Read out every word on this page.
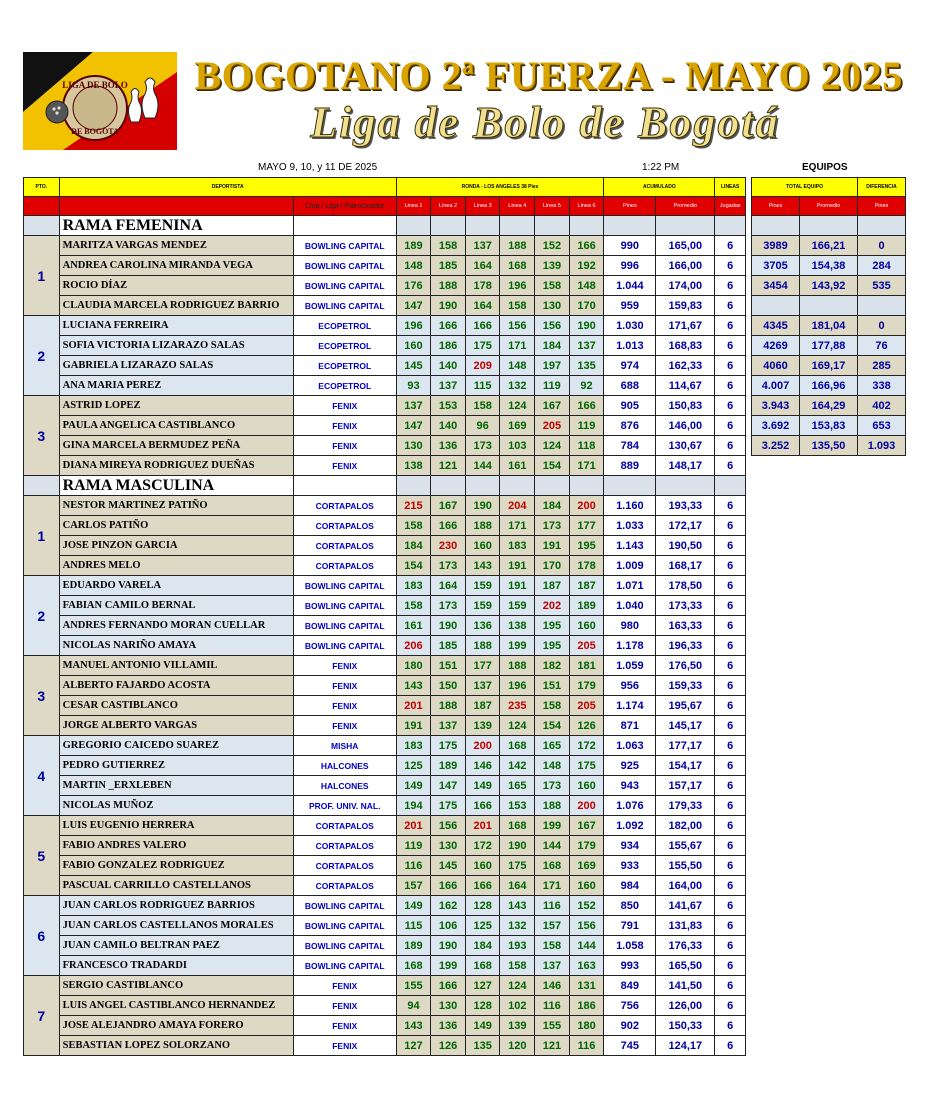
LIGA DE BOLO
DE BOGOTA
BOGOTANO 2ª FUERZA - MAYO 2025
Liga de Bolo de Bogotá
MAYO 9, 10, y 11 DE 2025	1:22 PM	EQUIPOS
PTO.	DEPORTISTA		RONDA - LOS ANGELES 38 Pies						ACUMULADO		LINEAS
		Club / Liga / Patrocinador	Linea 1	Linea 2	Linea 3	Linea 4	Linea 5	Linea 6	Pines	Promedio	Jugadas
	RAMA FEMENINA										
1	MARITZA VARGAS MENDEZ	BOWLING CAPITAL	189	158	137	188	152	166	990	165,00	6
	ANDREA CAROLINA MIRANDA VEGA	BOWLING CAPITAL	148	185	164	168	139	192	996	166,00	6
	ROCIO DÍAZ	BOWLING CAPITAL	176	188	178	196	158	148	1.044	174,00	6
	CLAUDIA MARCELA RODRIGUEZ BARRIO	BOWLING CAPITAL	147	190	164	158	130	170	959	159,83	6
2	LUCIANA FERREIRA	ECOPETROL	196	166	166	156	156	190	1.030	171,67	6
	SOFIA VICTORIA LIZARAZO SALAS	ECOPETROL	160	186	175	171	184	137	1.013	168,83	6
	GABRIELA LIZARAZO SALAS	ECOPETROL	145	140	209	148	197	135	974	162,33	6
	ANA MARIA PEREZ	ECOPETROL	93	137	115	132	119	92	688	114,67	6
3	ASTRID LOPEZ	FENIX	137	153	158	124	167	166	905	150,83	6
	PAULA ANGELICA CASTIBLANCO	FENIX	147	140	96	169	205	119	876	146,00	6
	GINA MARCELA BERMUDEZ PEÑA	FENIX	130	136	173	103	124	118	784	130,67	6
	DIANA MIREYA RODRIGUEZ DUEÑAS	FENIX	138	121	144	161	154	171	889	148,17	6
	RAMA MASCULINA										
1	NESTOR MARTINEZ PATIÑO	CORTAPALOS	215	167	190	204	184	200	1.160	193,33	6
	CARLOS PATIÑO	CORTAPALOS	158	166	188	171	173	177	1.033	172,17	6
	JOSE PINZON GARCIA	CORTAPALOS	184	230	160	183	191	195	1.143	190,50	6
	ANDRES MELO	CORTAPALOS	154	173	143	191	170	178	1.009	168,17	6
2	EDUARDO VARELA	BOWLING CAPITAL	183	164	159	191	187	187	1.071	178,50	6
	FABIAN CAMILO BERNAL	BOWLING CAPITAL	158	173	159	159	202	189	1.040	173,33	6
	ANDRES FERNANDO MORAN CUELLAR	BOWLING CAPITAL	161	190	136	138	195	160	980	163,33	6
	NICOLAS NARIÑO AMAYA	BOWLING CAPITAL	206	185	188	199	195	205	1.178	196,33	6
3	MANUEL ANTONIO VILLAMIL	FENIX	180	151	177	188	182	181	1.059	176,50	6
	ALBERTO FAJARDO ACOSTA	FENIX	143	150	137	196	151	179	956	159,33	6
	CESAR CASTIBLANCO	FENIX	201	188	187	235	158	205	1.174	195,67	6
	JORGE ALBERTO VARGAS	FENIX	191	137	139	124	154	126	871	145,17	6
4	GREGORIO CAICEDO SUAREZ	MISHA	183	175	200	168	165	172	1.063	177,17	6
	PEDRO GUTIERREZ	HALCONES	125	189	146	142	148	175	925	154,17	6
	MARTIN _ERXLEBEN	HALCONES	149	147	149	165	173	160	943	157,17	6
	NICOLAS MUÑOZ	PROF. UNIV. NAL.	194	175	166	153	188	200	1.076	179,33	6
5	LUIS EUGENIO HERRERA	CORTAPALOS	201	156	201	168	199	167	1.092	182,00	6
	FABIO ANDRES VALERO	CORTAPALOS	119	130	172	190	144	179	934	155,67	6
	FABIO GONZALEZ RODRIGUEZ	CORTAPALOS	116	145	160	175	168	169	933	155,50	6
	PASCUAL CARRILLO CASTELLANOS	CORTAPALOS	157	166	166	164	171	160	984	164,00	6
6	JUAN CARLOS RODRIGUEZ BARRIOS	BOWLING CAPITAL	149	162	128	143	116	152	850	141,67	6
	JUAN CARLOS CASTELLANOS MORALES	BOWLING CAPITAL	115	106	125	132	157	156	791	131,83	6
	JUAN CAMILO BELTRAN PAEZ	BOWLING CAPITAL	189	190	184	193	158	144	1.058	176,33	6
	FRANCESCO TRADARDI	BOWLING CAPITAL	168	199	168	158	137	163	993	165,50	6
7	SERGIO CASTIBLANCO	FENIX	155	166	127	124	146	131	849	141,50	6
	LUIS ANGEL CASTIBLANCO HERNANDEZ	FENIX	94	130	128	102	116	186	756	126,00	6
	JOSE ALEJANDRO AMAYA FORERO	FENIX	143	136	149	139	155	180	902	150,33	6
	SEBASTIAN LOPEZ SOLORZANO	FENIX	127	126	135	120	121	116	745	124,17	6
TOTAL EQUIPO		DIFERENCIA
Pines	Promedio	Pines

3989	166,21	0

3705	154,38	284

3454	143,92	535

4345	181,04	0

4269	177,88	76

4060	169,17	285

4.007	166,96	338

3.943	164,29	402

3.692	153,83	653

3.252	135,50	1.093
